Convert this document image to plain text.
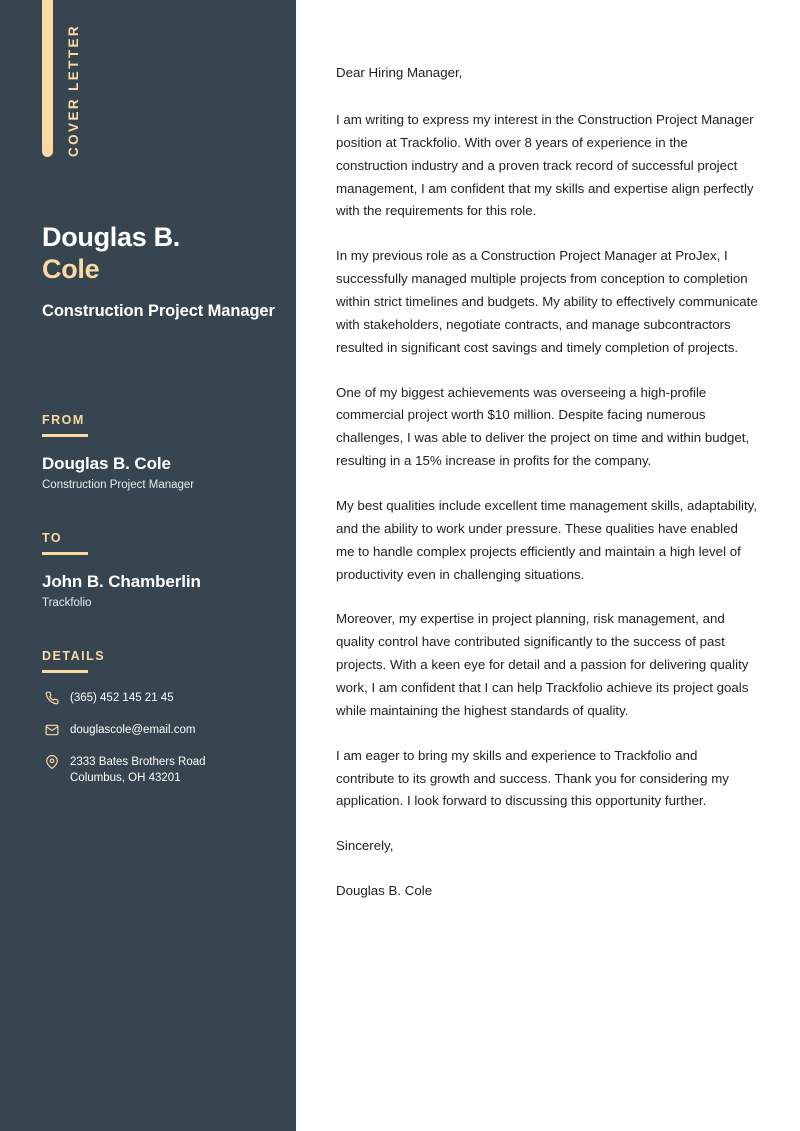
COVER LETTER
Douglas B.
Cole
Construction Project Manager
FROM
Douglas B. Cole
Construction Project Manager
TO
John B. Chamberlin
Trackfolio
DETAILS
(365) 452 145 21 45
douglascole@email.com
2333 Bates Brothers Road
Columbus, OH 43201

Dear Hiring Manager,

I am writing to express my interest in the Construction Project Manager position at Trackfolio. With over 8 years of experience in the construction industry and a proven track record of successful project management, I am confident that my skills and expertise align perfectly with the requirements for this role.

In my previous role as a Construction Project Manager at ProJex, I successfully managed multiple projects from conception to completion within strict timelines and budgets. My ability to effectively communicate with stakeholders, negotiate contracts, and manage subcontractors resulted in significant cost savings and timely completion of projects.

One of my biggest achievements was overseeing a high-profile commercial project worth $10 million. Despite facing numerous challenges, I was able to deliver the project on time and within budget, resulting in a 15% increase in profits for the company.

My best qualities include excellent time management skills, adaptability, and the ability to work under pressure. These qualities have enabled me to handle complex projects efficiently and maintain a high level of productivity even in challenging situations.

Moreover, my expertise in project planning, risk management, and quality control have contributed significantly to the success of past projects. With a keen eye for detail and a passion for delivering quality work, I am confident that I can help Trackfolio achieve its project goals while maintaining the highest standards of quality.

I am eager to bring my skills and experience to Trackfolio and contribute to its growth and success. Thank you for considering my application. I look forward to discussing this opportunity further.

Sincerely,

Douglas B. Cole
